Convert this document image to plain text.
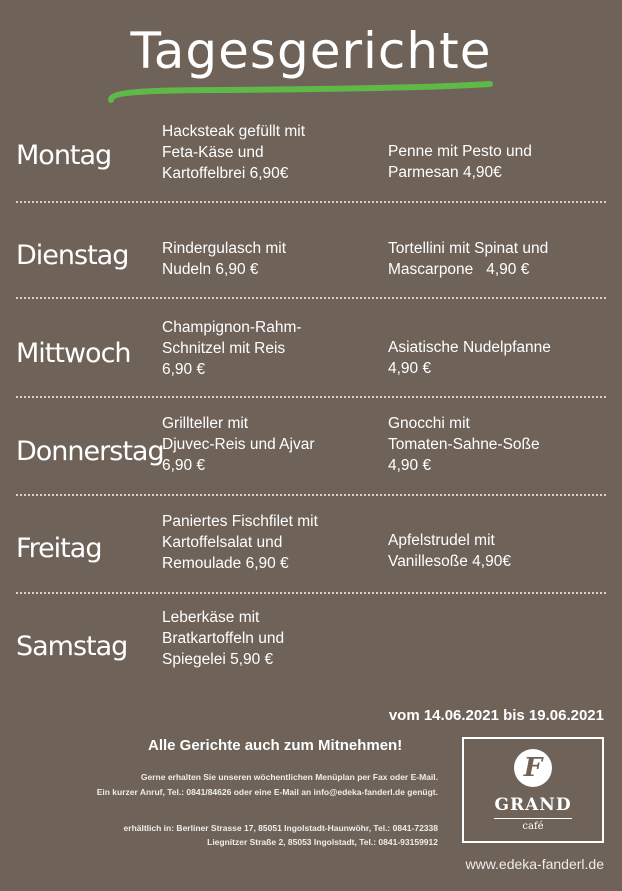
Tagesgerichte
Montag
Hacksteak gefüllt mit
Feta-Käse und
Kartoffelbrei 6,90€
Penne mit Pesto und
Parmesan 4,90€
Dienstag Rindergulasch mit
Nudeln 6,90 €
Tortellini mit Spinat und
Mascarpone   4,90 €
Mittwoch
Champignon-Rahm-
Schnitzel mit Reis
6,90 €
Asiatische Nudelpfanne
4,90 €
Donnerstag
Grillteller mit
Djuvec-Reis und Ajvar
6,90 €
Gnocchi mit
Tomaten-Sahne-Soße
4,90 €
Freitag
Paniertes Fischfilet mit
Kartoffelsalat und
Remoulade 6,90 €
Apfelstrudel mit
Vanillesoße 4,90€
Samstag
Leberkäse mit
Bratkartoffeln und
Spiegelei 5,90 €
vom 14.06.2021 bis 19.06.2021
Alle Gerichte auch zum Mitnehmen!
Gerne erhalten Sie unseren wöchentlichen Menüplan per Fax oder E-Mail.
Ein kurzer Anruf, Tel.: 0841/84626 oder eine E-Mail an info@edeka-fanderl.de genügt.
erhältlich in: Berliner Strasse 17, 85051 Ingolstadt-Haunwöhr, Tel.: 0841-72338
Liegnitzer Straße 2, 85053 Ingolstadt, Tel.: 0841-93159912
F
GRAND
café
www.edeka-fanderl.de
